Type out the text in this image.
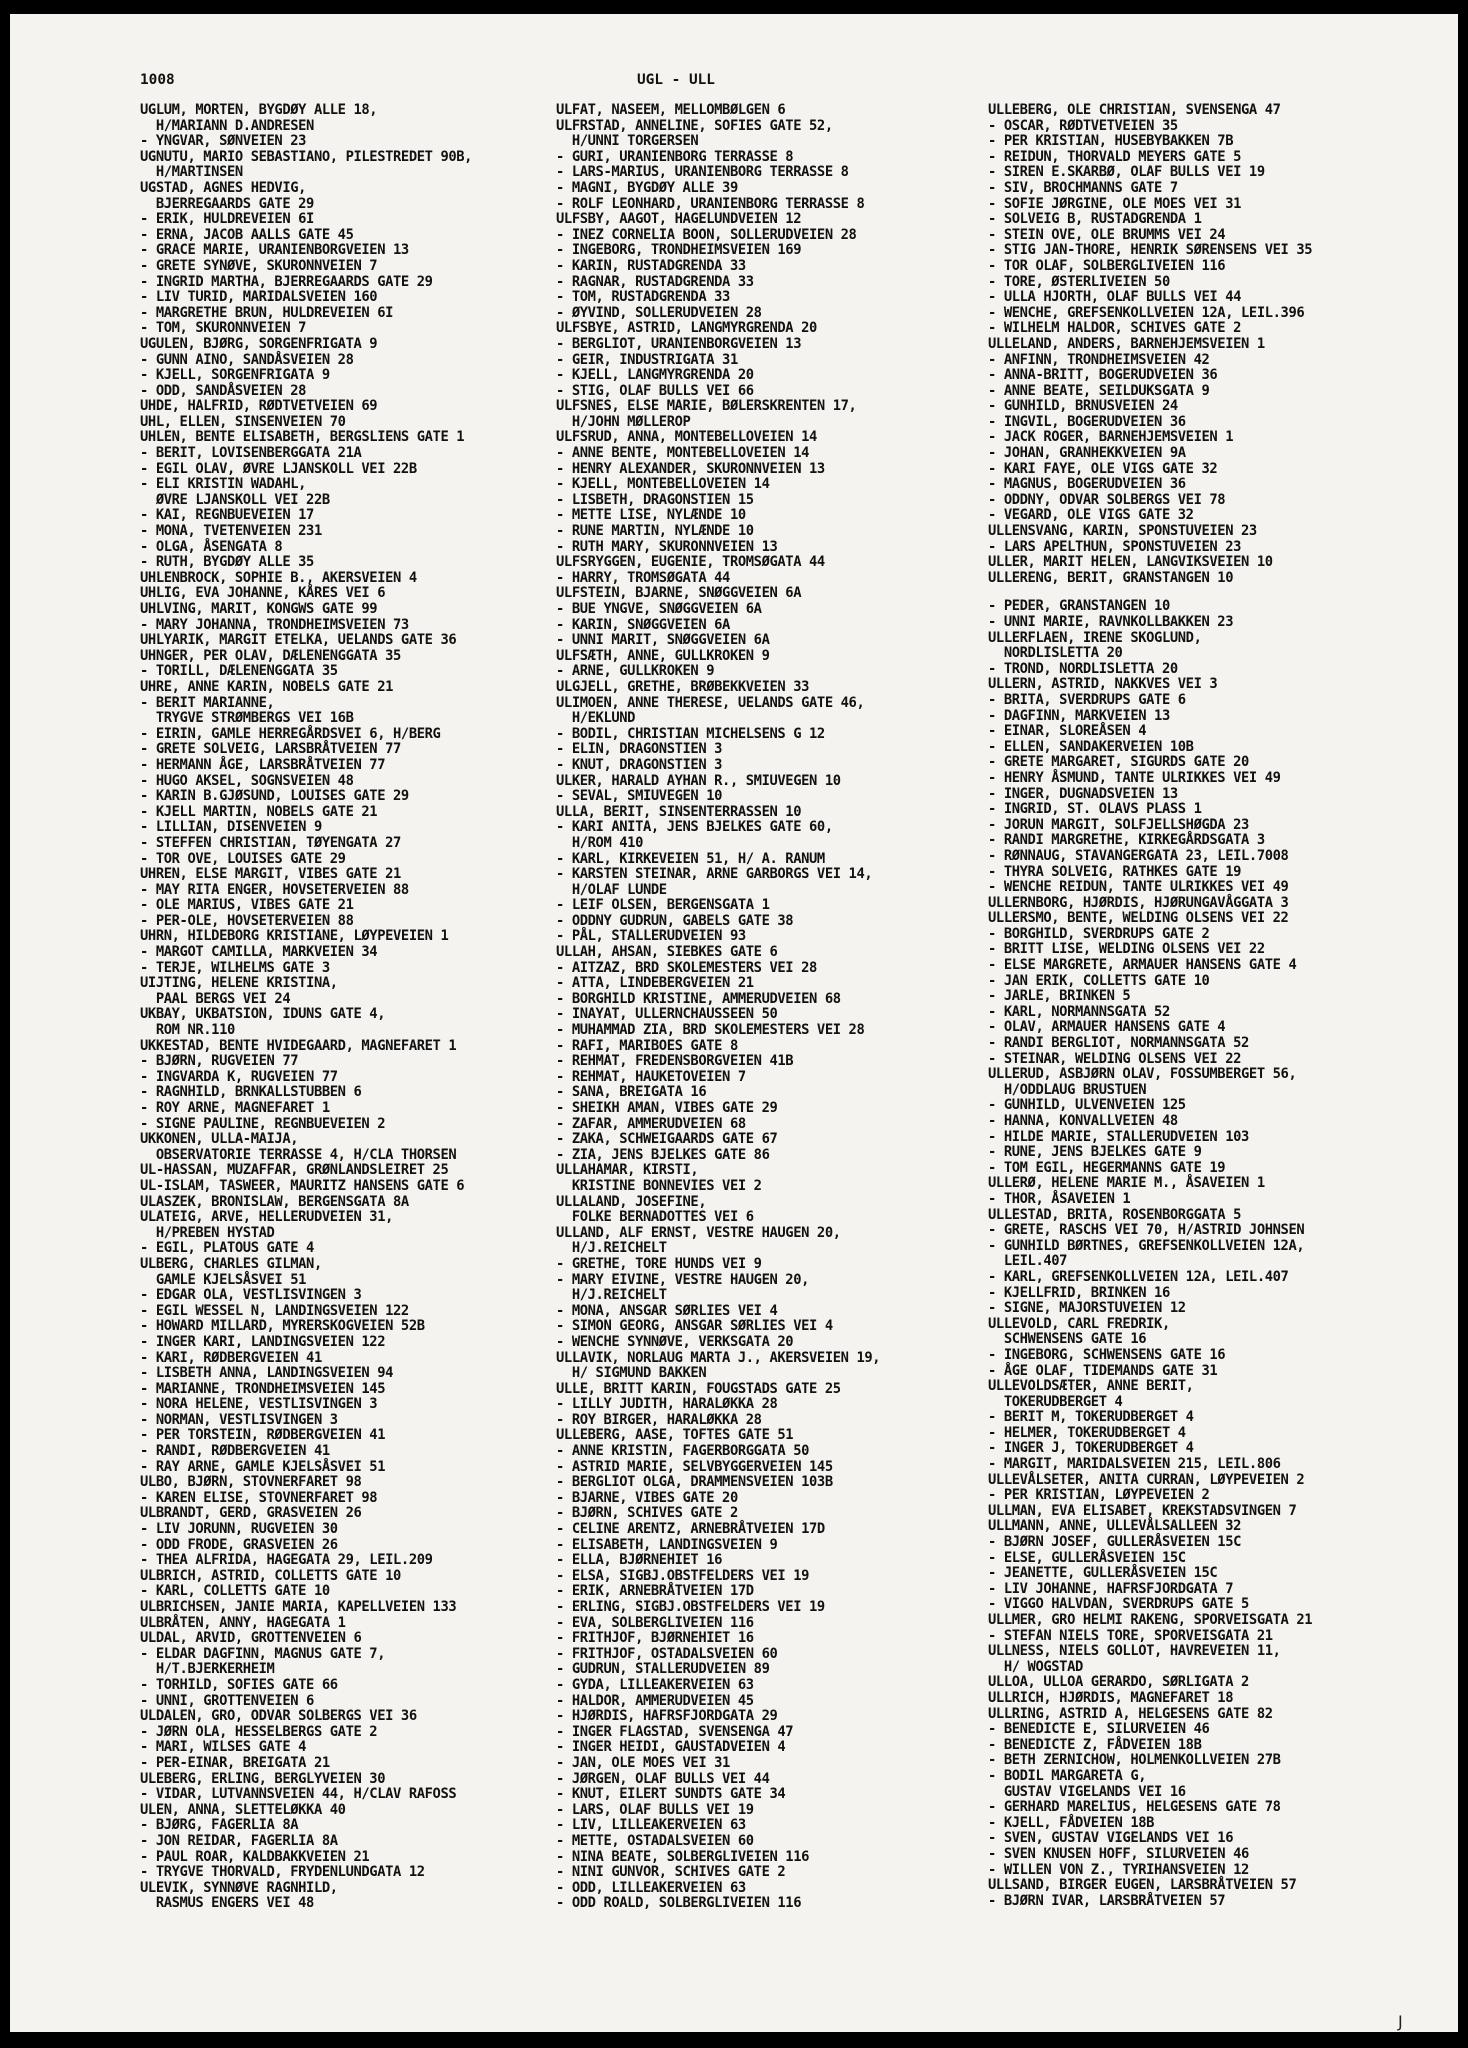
1008	UGL - ULL
UGLUM, MORTEN, BYGDØY ALLE 18,
H/MARIANN D.ANDRESEN
- YNGVAR, SØNVEIEN 23
UGNUTU, MARIO SEBASTIANO, PILESTREDET 90B,
H/MARTINSEN
UGSTAD, AGNES HEDVIG,
BJERREGAARDS GATE 29
- ERIK, HULDREVEIEN 6I
- ERNA, JACOB AALLS GATE 45
- GRACE MARIE, URANIENBORGVEIEN 13
- GRETE SYNØVE, SKURONNVEIEN 7
- INGRID MARTHA, BJERREGAARDS GATE 29
- LIV TURID, MARIDALSVEIEN 160
- MARGRETHE BRUN, HULDREVEIEN 6I
- TOM, SKURONNVEIEN 7
UGULEN, BJØRG, SORGENFRIGATA 9
- GUNN AINO, SANDÅSVEIEN 28
- KJELL, SORGENFRIGATA 9
- ODD, SANDÅSVEIEN 28
UHDE, HALFRID, RØDTVETVEIEN 69
UHL, ELLEN, SINSENVEIEN 70
UHLEN, BENTE ELISABETH, BERGSLIENS GATE 1
- BERIT, LOVISENBERGGATA 21A
- EGIL OLAV, ØVRE LJANSKOLL VEI 22B
- ELI KRISTIN WADAHL,
ØVRE LJANSKOLL VEI 22B
- KAI, REGNBUEVEIEN 17
- MONA, TVETENVEIEN 231
- OLGA, ÅSENGATA 8
- RUTH, BYGDØY ALLE 35
UHLENBROCK, SOPHIE B., AKERSVEIEN 4
UHLIG, EVA JOHANNE, KÅRES VEI 6
UHLVING, MARIT, KONGWS GATE 99
- MARY JOHANNA, TRONDHEIMSVEIEN 73
UHLYARIK, MARGIT ETELKA, UELANDS GATE 36
UHNGER, PER OLAV, DÆLENENGGATA 35
- TORILL, DÆLENENGGATA 35
UHRE, ANNE KARIN, NOBELS GATE 21
- BERIT MARIANNE,
TRYGVE STRØMBERGS VEI 16B
- EIRIN, GAMLE HERREGÅRDSVEI 6, H/BERG
- GRETE SOLVEIG, LARSBRÅTVEIEN 77
- HERMANN ÅGE, LARSBRÅTVEIEN 77
- HUGO AKSEL, SOGNSVEIEN 48
- KARIN B.GJØSUND, LOUISES GATE 29
- KJELL MARTIN, NOBELS GATE 21
- LILLIAN, DISENVEIEN 9
- STEFFEN CHRISTIAN, TØYENGATA 27
- TOR OVE, LOUISES GATE 29
UHREN, ELSE MARGIT, VIBES GATE 21
- MAY RITA ENGER, HOVSETERVEIEN 88
- OLE MARIUS, VIBES GATE 21
- PER-OLE, HOVSETERVEIEN 88
UHRN, HILDEBORG KRISTIANE, LØYPEVEIEN 1
- MARGOT CAMILLA, MARKVEIEN 34
- TERJE, WILHELMS GATE 3
UIJTING, HELENE KRISTINA,
PAAL BERGS VEI 24
UKBAY, UKBATSION, IDUNS GATE 4,
ROM NR.110
UKKESTAD, BENTE HVIDEGAARD, MAGNEFARET 1
- BJØRN, RUGVEIEN 77
- INGVARDA K, RUGVEIEN 77
- RAGNHILD, BRNKALLSTUBBEN 6
- ROY ARNE, MAGNEFARET 1
- SIGNE PAULINE, REGNBUEVEIEN 2
UKKONEN, ULLA-MAIJA,
OBSERVATORIE TERRASSE 4, H/CLA THORSEN
UL-HASSAN, MUZAFFAR, GRØNLANDSLEIRET 25
UL-ISLAM, TASWEER, MAURITZ HANSENS GATE 6
ULASZEK, BRONISLAW, BERGENSGATA 8A
ULATEIG, ARVE, HELLERUDVEIEN 31,
H/PREBEN HYSTAD
- EGIL, PLATOUS GATE 4
ULBERG, CHARLES GILMAN,
GAMLE KJELSÅSVEI 51
- EDGAR OLA, VESTLISVINGEN 3
- EGIL WESSEL N, LANDINGSVEIEN 122
- HOWARD MILLARD, MYRERSKOGVEIEN 52B
- INGER KARI, LANDINGSVEIEN 122
- KARI, RØDBERGVEIEN 41
- LISBETH ANNA, LANDINGSVEIEN 94
- MARIANNE, TRONDHEIMSVEIEN 145
- NORA HELENE, VESTLISVINGEN 3
- NORMAN, VESTLISVINGEN 3
- PER TORSTEIN, RØDBERGVEIEN 41
- RANDI, RØDBERGVEIEN 41
- RAY ARNE, GAMLE KJELSÅSVEI 51
ULBO, BJØRN, STOVNERFARET 98
- KAREN ELISE, STOVNERFARET 98
ULBRANDT, GERD, GRASVEIEN 26
- LIV JORUNN, RUGVEIEN 30
- ODD FRODE, GRASVEIEN 26
- THEA ALFRIDA, HAGEGATA 29, LEIL.209
ULBRICH, ASTRID, COLLETTS GATE 10
- KARL, COLLETTS GATE 10
ULBRICHSEN, JANIE MARIA, KAPELLVEIEN 133
ULBRÅTEN, ANNY, HAGEGATA 1
ULDAL, ARVID, GROTTENVEIEN 6
- ELDAR DAGFINN, MAGNUS GATE 7,
H/T.BJERKERHEIM
- TORHILD, SOFIES GATE 66
- UNNI, GROTTENVEIEN 6
ULDALEN, GRO, ODVAR SOLBERGS VEI 36
- JØRN OLA, HESSELBERGS GATE 2
- MARI, WILSES GATE 4
- PER-EINAR, BREIGATA 21
ULEBERG, ERLING, BERGLYVEIEN 30
- VIDAR, LUTVANNSVEIEN 44, H/CLAV RAFOSS
ULEN, ANNA, SLETTELØKKA 40
- BJØRG, FAGERLIA 8A
- JON REIDAR, FAGERLIA 8A
- PAUL ROAR, KALDBAKKVEIEN 21
- TRYGVE THORVALD, FRYDENLUNDGATA 12
ULEVIK, SYNNØVE RAGNHILD,
RASMUS ENGERS VEI 48
ULFAT, NASEEM, MELLOMBØLGEN 6
ULFRSTAD, ANNELINE, SOFIES GATE 52,
H/UNNI TORGERSEN
- GURI, URANIENBORG TERRASSE 8
- LARS-MARIUS, URANIENBORG TERRASSE 8
- MAGNI, BYGDØY ALLE 39
- ROLF LEONHARD, URANIENBORG TERRASSE 8
ULFSBY, AAGOT, HAGELUNDVEIEN 12
- INEZ CORNELIA BOON, SOLLERUDVEIEN 28
- INGEBORG, TRONDHEIMSVEIEN 169
- KARIN, RUSTADGRENDA 33
- RAGNAR, RUSTADGRENDA 33
- TOM, RUSTADGRENDA 33
- ØYVIND, SOLLERUDVEIEN 28
ULFSBYE, ASTRID, LANGMYRGRENDA 20
- BERGLIOT, URANIENBORGVEIEN 13
- GEIR, INDUSTRIGATA 31
- KJELL, LANGMYRGRENDA 20
- STIG, OLAF BULLS VEI 66
ULFSNES, ELSE MARIE, BØLERSKRENTEN 17,
H/JOHN MØLLEROP
ULFSRUD, ANNA, MONTEBELLOVEIEN 14
- ANNE BENTE, MONTEBELLOVEIEN 14
- HENRY ALEXANDER, SKURONNVEIEN 13
- KJELL, MONTEBELLOVEIEN 14
- LISBETH, DRAGONSTIEN 15
- METTE LISE, NYLÆNDE 10
- RUNE MARTIN, NYLÆNDE 10
- RUTH MARY, SKURONNVEIEN 13
ULFSRYGGEN, EUGENIE, TROMSØGATA 44
- HARRY, TROMSØGATA 44
ULFSTEIN, BJARNE, SNØGGVEIEN 6A
- BUE YNGVE, SNØGGVEIEN 6A
- KARIN, SNØGGVEIEN 6A
- UNNI MARIT, SNØGGVEIEN 6A
ULFSÆTH, ANNE, GULLKROKEN 9
- ARNE, GULLKROKEN 9
ULGJELL, GRETHE, BRØBEKKVEIEN 33
ULIMOEN, ANNE THERESE, UELANDS GATE 46,
H/EKLUND
- BODIL, CHRISTIAN MICHELSENS G 12
- ELIN, DRAGONSTIEN 3
- KNUT, DRAGONSTIEN 3
ULKER, HARALD AYHAN R., SMIUVEGEN 10
- SEVAL, SMIUVEGEN 10
ULLA, BERIT, SINSENTERRASSEN 10
- KARI ANITA, JENS BJELKES GATE 60,
H/ROM 410
- KARL, KIRKEVEIEN 51, H/ A. RANUM
- KARSTEN STEINAR, ARNE GARBORGS VEI 14,
H/OLAF LUNDE
- LEIF OLSEN, BERGENSGATA 1
- ODDNY GUDRUN, GABELS GATE 38
- PÅL, STALLERUDVEIEN 93
ULLAH, AHSAN, SIEBKES GATE 6
- AITZAZ, BRD SKOLEMESTERS VEI 28
- ATTA, LINDEBERGVEIEN 21
- BORGHILD KRISTINE, AMMERUDVEIEN 68
- INAYAT, ULLERNCHAUSSEEN 50
- MUHAMMAD ZIA, BRD SKOLEMESTERS VEI 28
- RAFI, MARIBOES GATE 8
- REHMAT, FREDENSBORGVEIEN 41B
- REHMAT, HAUKETOVEIEN 7
- SANA, BREIGATA 16
- SHEIKH AMAN, VIBES GATE 29
- ZAFAR, AMMERUDVEIEN 68
- ZAKA, SCHWEIGAARDS GATE 67
- ZIA, JENS BJELKES GATE 86
ULLAHAMAR, KIRSTI,
KRISTINE BONNEVIES VEI 2
ULLALAND, JOSEFINE,
FOLKE BERNADOTTES VEI 6
ULLAND, ALF ERNST, VESTRE HAUGEN 20,
H/J.REICHELT
- GRETHE, TORE HUNDS VEI 9
- MARY EIVINE, VESTRE HAUGEN 20,
H/J.REICHELT
- MONA, ANSGAR SØRLIES VEI 4
- SIMON GEORG, ANSGAR SØRLIES VEI 4
- WENCHE SYNNØVE, VERKSGATA 20
ULLAVIK, NORLAUG MARTA J., AKERSVEIEN 19,
H/ SIGMUND BAKKEN
ULLE, BRITT KARIN, FOUGSTADS GATE 25
- LILLY JUDITH, HARALØKKA 28
- ROY BIRGER, HARALØKKA 28
ULLEBERG, AASE, TOFTES GATE 51
- ANNE KRISTIN, FAGERBORGGATA 50
- ASTRID MARIE, SELVBYGGERVEIEN 145
- BERGLIOT OLGA, DRAMMENSVEIEN 103B
- BJARNE, VIBES GATE 20
- BJØRN, SCHIVES GATE 2
- CELINE ARENTZ, ARNEBRÅTVEIEN 17D
- ELISABETH, LANDINGSVEIEN 9
- ELLA, BJØRNEHIET 16
- ELSA, SIGBJ.OBSTFELDERS VEI 19
- ERIK, ARNEBRÅTVEIEN 17D
- ERLING, SIGBJ.OBSTFELDERS VEI 19
- EVA, SOLBERGLIVEIEN 116
- FRITHJOF, BJØRNEHIET 16
- FRITHJOF, OSTADALSVEIEN 60
- GUDRUN, STALLERUDVEIEN 89
- GYDA, LILLEAKERVEIEN 63
- HALDOR, AMMERUDVEIEN 45
- HJØRDIS, HAFRSFJORDGATA 29
- INGER FLAGSTAD, SVENSENGA 47
- INGER HEIDI, GAUSTADVEIEN 4
- JAN, OLE MOES VEI 31
- JØRGEN, OLAF BULLS VEI 44
- KNUT, EILERT SUNDTS GATE 34
- LARS, OLAF BULLS VEI 19
- LIV, LILLEAKERVEIEN 63
- METTE, OSTADALSVEIEN 60
- NINA BEATE, SOLBERGLIVEIEN 116
- NINI GUNVOR, SCHIVES GATE 2
- ODD, LILLEAKERVEIEN 63
- ODD ROALD, SOLBERGLIVEIEN 116
ULLEBERG, OLE CHRISTIAN, SVENSENGA 47
- OSCAR, RØDTVETVEIEN 35
- PER KRISTIAN, HUSEBYBAKKEN 7B
- REIDUN, THORVALD MEYERS GATE 5
- SIREN E.SKARBØ, OLAF BULLS VEI 19
- SIV, BROCHMANNS GATE 7
- SOFIE JØRGINE, OLE MOES VEI 31
- SOLVEIG B, RUSTADGRENDA 1
- STEIN OVE, OLE BRUMMS VEI 24
- STIG JAN-THORE, HENRIK SØRENSENS VEI 35
- TOR OLAF, SOLBERGLIVEIEN 116
- TORE, ØSTERLIVEIEN 50
- ULLA HJORTH, OLAF BULLS VEI 44
- WENCHE, GREFSENKOLLVEIEN 12A, LEIL.396
- WILHELM HALDOR, SCHIVES GATE 2
ULLELAND, ANDERS, BARNEHJEMSVEIEN 1
- ANFINN, TRONDHEIMSVEIEN 42
- ANNA-BRITT, BOGERUDVEIEN 36
- ANNE BEATE, SEILDUKSGATA 9
- GUNHILD, BRNUSVEIEN 24
- INGVIL, BOGERUDVEIEN 36
- JACK ROGER, BARNEHJEMSVEIEN 1
- JOHAN, GRANHEKKVEIEN 9A
- KARI FAYE, OLE VIGS GATE 32
- MAGNUS, BOGERUDVEIEN 36
- ODDNY, ODVAR SOLBERGS VEI 78
- VEGARD, OLE VIGS GATE 32
ULLENSVANG, KARIN, SPONSTUVEIEN 23
- LARS APELTHUN, SPONSTUVEIEN 23
ULLER, MARIT HELEN, LANGVIKSVEIEN 10
ULLERENG, BERIT, GRANSTANGEN 10
- PEDER, GRANSTANGEN 10
- UNNI MARIE, RAVNKOLLBAKKEN 23
ULLERFLAEN, IRENE SKOGLUND,
NORDLISLETTA 20
- TROND, NORDLISLETTA 20
ULLERN, ASTRID, NAKKVES VEI 3
- BRITA, SVERDRUPS GATE 6
- DAGFINN, MARKVEIEN 13
- EINAR, SLOREÅSEN 4
- ELLEN, SANDAKERVEIEN 10B
- GRETE MARGARET, SIGURDS GATE 20
- HENRY ÅSMUND, TANTE ULRIKKES VEI 49
- INGER, DUGNADSVEIEN 13
- INGRID, ST. OLAVS PLASS 1
- JORUN MARGIT, SOLFJELLSHØGDA 23
- RANDI MARGRETHE, KIRKEGÅRDSGATA 3
- RØNNAUG, STAVANGERGATA 23, LEIL.7008
- THYRA SOLVEIG, RATHKES GATE 19
- WENCHE REIDUN, TANTE ULRIKKES VEI 49
ULLERNBORG, HJØRDIS, HJØRUNGAVÅGGATA 3
ULLERSMO, BENTE, WELDING OLSENS VEI 22
- BORGHILD, SVERDRUPS GATE 2
- BRITT LISE, WELDING OLSENS VEI 22
- ELSE MARGRETE, ARMAUER HANSENS GATE 4
- JAN ERIK, COLLETTS GATE 10
- JARLE, BRINKEN 5
- KARL, NORMANNSGATA 52
- OLAV, ARMAUER HANSENS GATE 4
- RANDI BERGLIOT, NORMANNSGATA 52
- STEINAR, WELDING OLSENS VEI 22
ULLERUD, ASBJØRN OLAV, FOSSUMBERGET 56,
H/ODDLAUG BRUSTUEN
- GUNHILD, ULVENVEIEN 125
- HANNA, KONVALLVEIEN 48
- HILDE MARIE, STALLERUDVEIEN 103
- RUNE, JENS BJELKES GATE 9
- TOM EGIL, HEGERMANNS GATE 19
ULLERØ, HELENE MARIE M., ÅSAVEIEN 1
- THOR, ÅSAVEIEN 1
ULLESTAD, BRITA, ROSENBORGGATA 5
- GRETE, RASCHS VEI 70, H/ASTRID JOHNSEN
- GUNHILD BØRTNES, GREFSENKOLLVEIEN 12A,
LEIL.407
- KARL, GREFSENKOLLVEIEN 12A, LEIL.407
- KJELLFRID, BRINKEN 16
- SIGNE, MAJORSTUVEIEN 12
ULLEVOLD, CARL FREDRIK,
SCHWENSENS GATE 16
- INGEBORG, SCHWENSENS GATE 16
- ÅGE OLAF, TIDEMANDS GATE 31
ULLEVOLDSÆTER, ANNE BERIT,
TOKERUDBERGET 4
- BERIT M, TOKERUDBERGET 4
- HELMER, TOKERUDBERGET 4
- INGER J, TOKERUDBERGET 4
- MARGIT, MARIDALSVEIEN 215, LEIL.806
ULLEVÅLSETER, ANITA CURRAN, LØYPEVEIEN 2
- PER KRISTIAN, LØYPEVEIEN 2
ULLMAN, EVA ELISABET, KREKSTADSVINGEN 7
ULLMANN, ANNE, ULLEVÅLSALLEEN 32
- BJØRN JOSEF, GULLERÅSVEIEN 15C
- ELSE, GULLERÅSVEIEN 15C
- JEANETTE, GULLERÅSVEIEN 15C
- LIV JOHANNE, HAFRSFJORDGATA 7
- VIGGO HALVDAN, SVERDRUPS GATE 5
ULLMER, GRO HELMI RAKENG, SPORVEISGATA 21
- STEFAN NIELS TORE, SPORVEISGATA 21
ULLNESS, NIELS GOLLOT, HAVREVEIEN 11,
H/ WOGSTAD
ULLOA, ULLOA GERARDO, SØRLIGATA 2
ULLRICH, HJØRDIS, MAGNEFARET 18
ULLRING, ASTRID A, HELGESENS GATE 82
- BENEDICTE E, SILURVEIEN 46
- BENEDICTE Z, FÅDVEIEN 18B
- BETH ZERNICHOW, HOLMENKOLLVEIEN 27B
- BODIL MARGARETA G,
GUSTAV VIGELANDS VEI 16
- GERHARD MARELIUS, HELGESENS GATE 78
- KJELL, FÅDVEIEN 18B
- SVEN, GUSTAV VIGELANDS VEI 16
- SVEN KNUSEN HOFF, SILURVEIEN 46
- WILLEN VON Z., TYRIHANSVEIEN 12
ULLSAND, BIRGER EUGEN, LARSBRÅTVEIEN 57
- BJØRN IVAR, LARSBRÅTVEIEN 57
J
